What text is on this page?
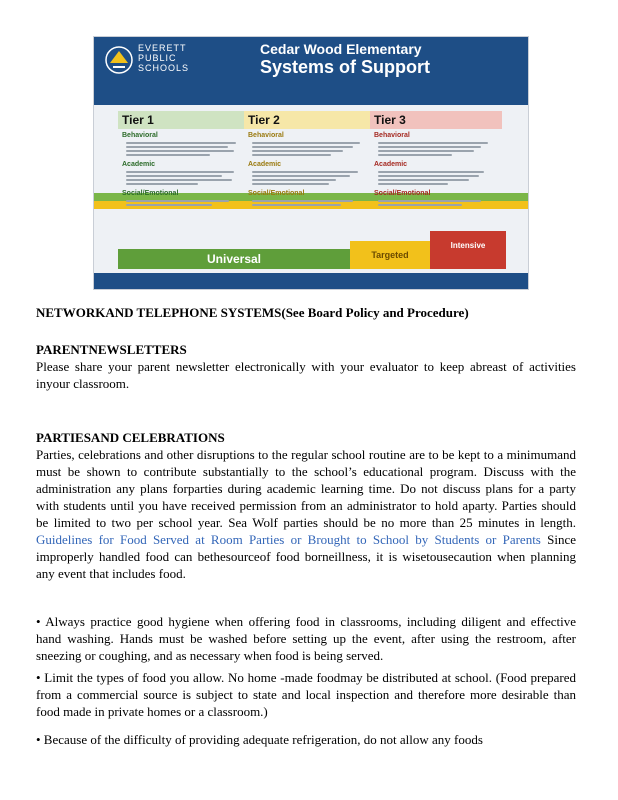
EVERETT
PUBLIC
SCHOOLS
Cedar Wood Elementary
Systems of Support
Tier 1
Behavioral
Academic
Social/Emotional
Tier 2
Behavioral
Academic
Social/Emotional
Tier 3
Behavioral
Academic
Social/Emotional
Universal	Targeted
Intensive
NETWORKAND TELEPHONE SYSTEMS(See Board Policy and Procedure)
PARENTNEWSLETTERS
Please share your parent newsletter electronically with your evaluator to keep abreast of activities inyour classroom.
PARTIESAND CELEBRATIONS
Parties, celebrations and other disruptions to the regular school routine are to be kept to a minimumand must be shown to contribute substantially to the school’s educational program. Discuss with the administration any plans forparties during academic learning time. Do not discuss plans for a party with students until you have received permission from an administrator to hold aparty. Parties should be limited to two per school year. Sea Wolf parties should be no more than 25 minutes in length. Guidelines for Food Served at Room Parties or Brought to School by Students or Parents Since improperly handled food can bethesourceof food borneillness, it is wisetousecaution when planning any event that includes food.
• Always practice good hygiene when offering food in classrooms, including diligent and effective hand washing. Hands must be washed before setting up the event, after using the restroom, after sneezing or coughing, and as necessary when food is being served.
• Limit the types of food you allow. No home -made foodmay be distributed at school. (Food prepared from a commercial source is subject to state and local inspection and therefore more desirable than food made in private homes or a classroom.)
• Because of the difficulty of providing adequate refrigeration, do not allow any foods
